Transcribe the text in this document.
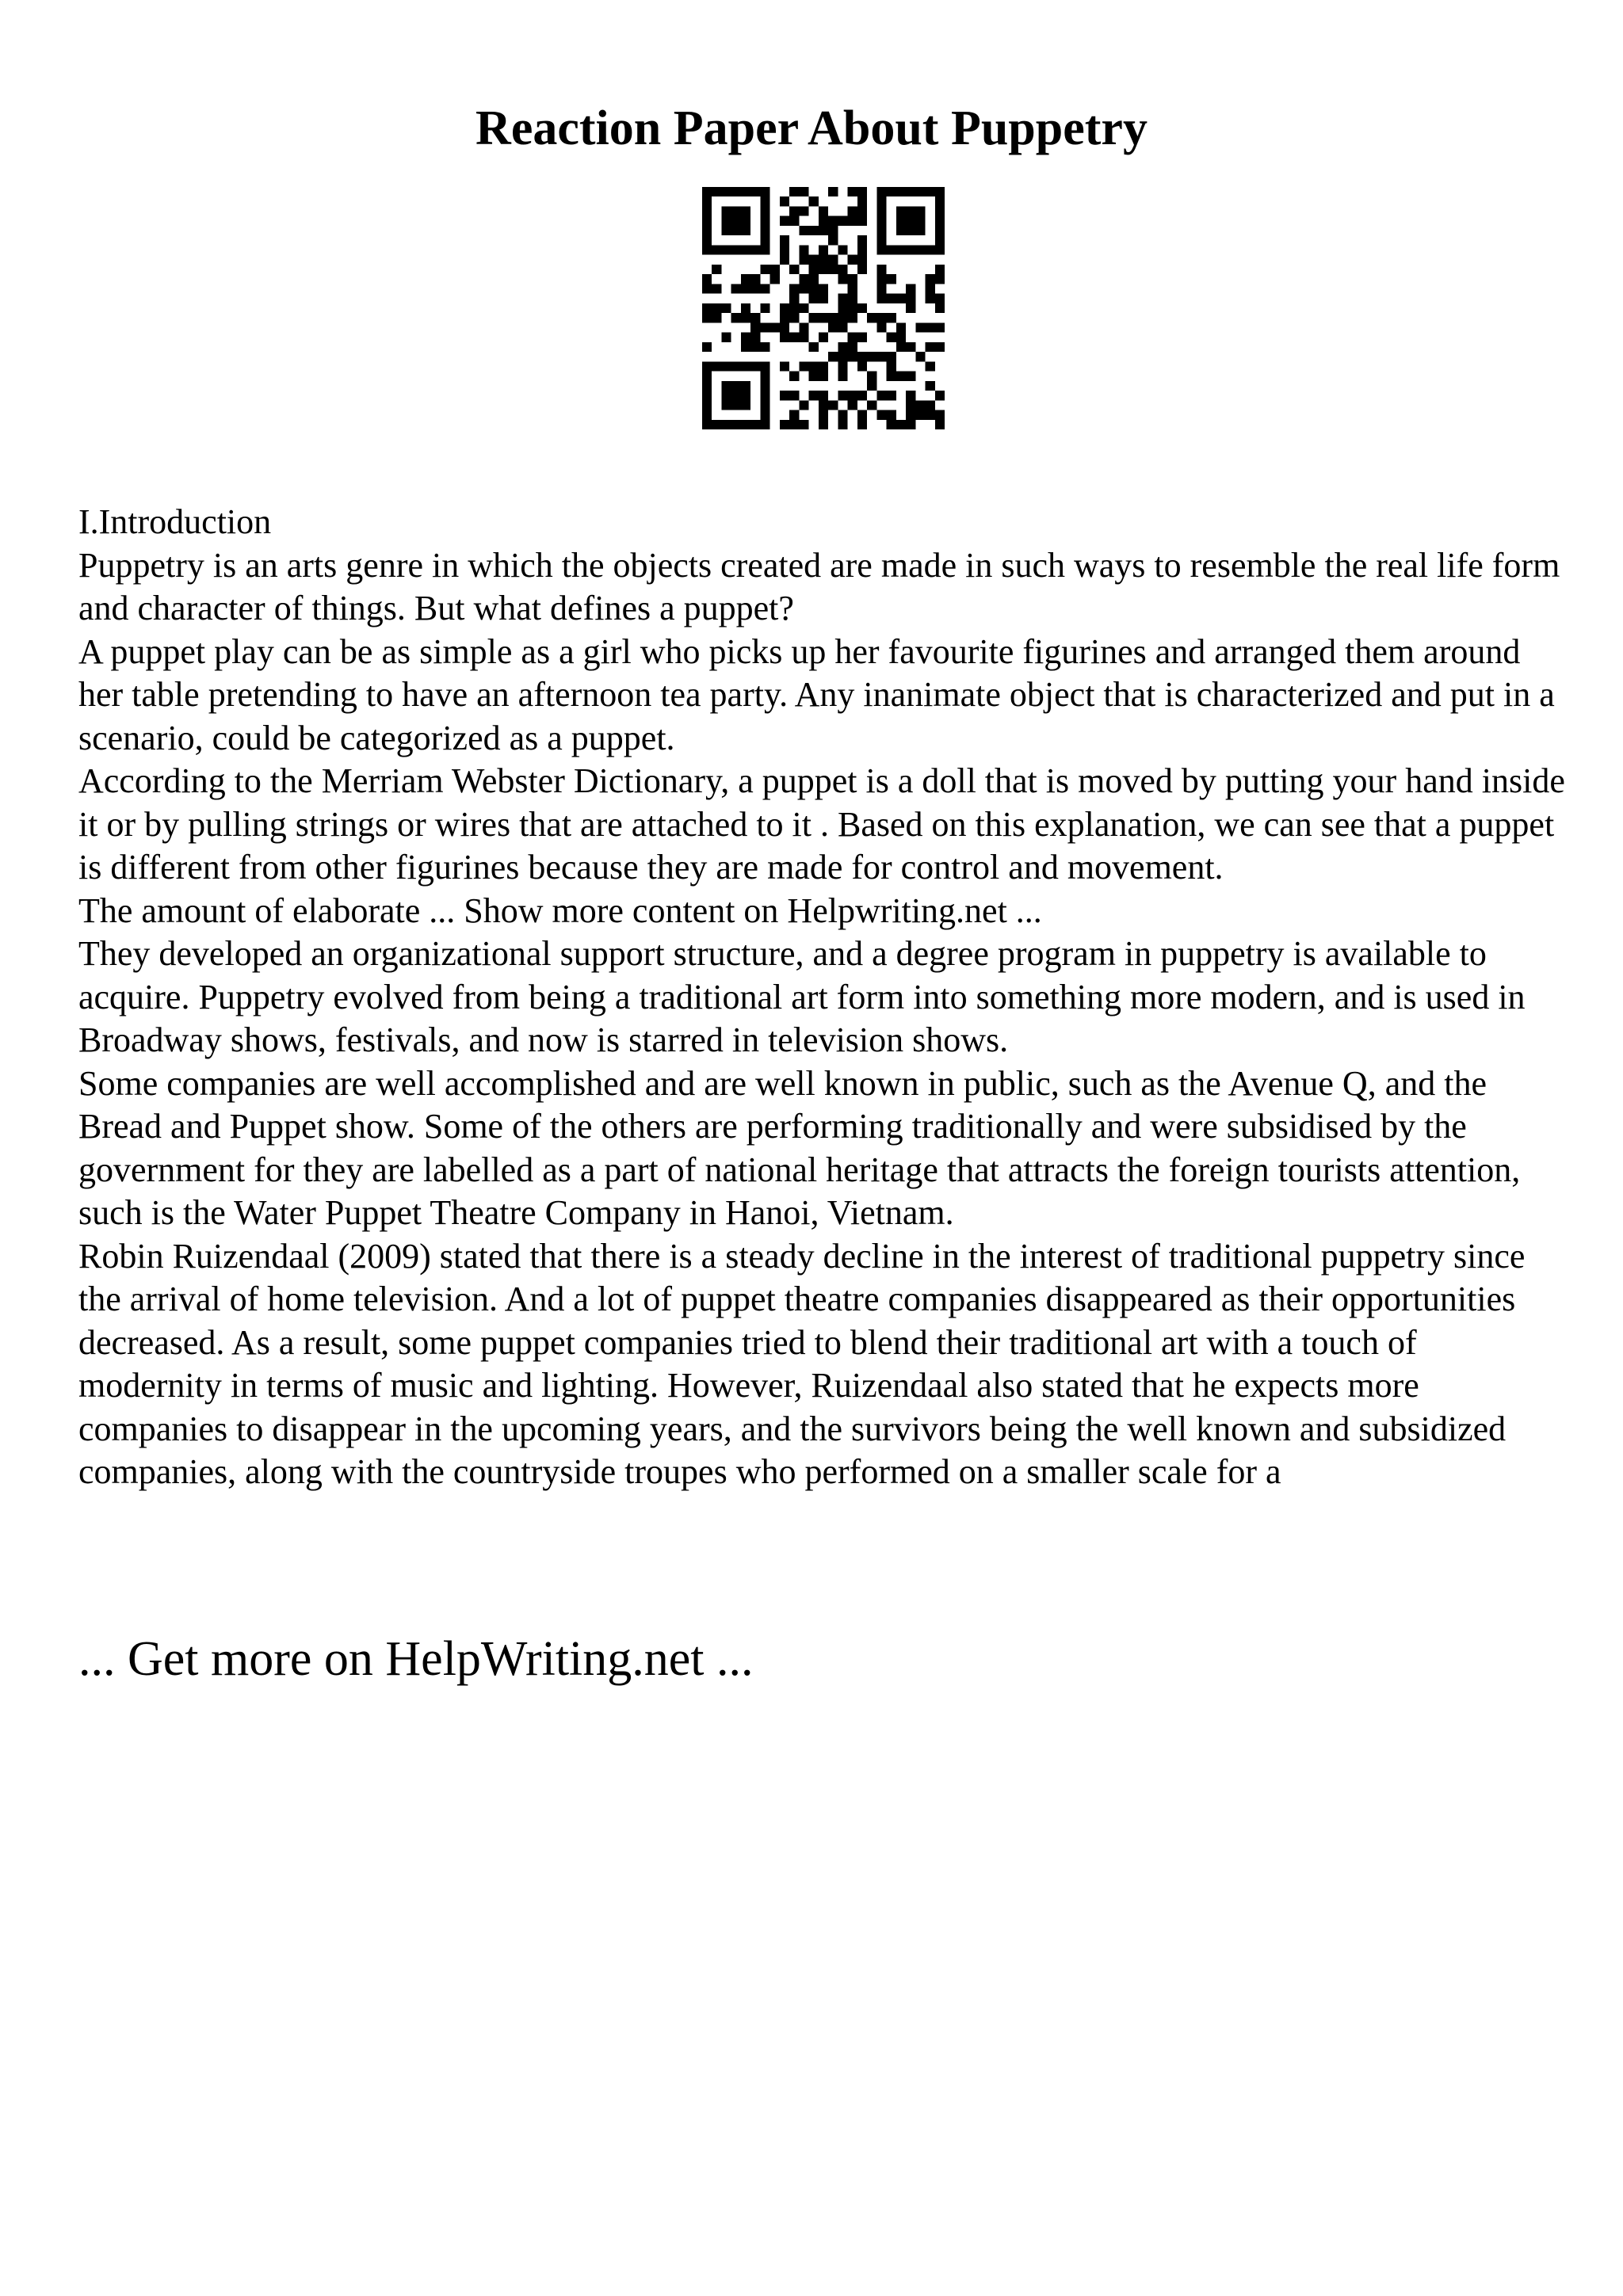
Reaction Paper About Puppetry

I.Introduction

Puppetry is an arts genre in which the objects created are made in such ways to resemble the real life form and character of things. But what defines a puppet?

A puppet play can be as simple as a girl who picks up her favourite figurines and arranged them around her table pretending to have an afternoon tea party. Any inanimate object that is characterized and put in a scenario, could be categorized as a puppet.

According to the Merriam Webster Dictionary, a puppet is a doll that is moved by putting your hand inside it or by pulling strings or wires that are attached to it . Based on this explanation, we can see that a puppet is different from other figurines because they are made for control and movement.

The amount of elaborate ... Show more content on Helpwriting.net ...

They developed an organizational support structure, and a degree program in puppetry is available to acquire. Puppetry evolved from being a traditional art form into something more modern, and is used in Broadway shows, festivals, and now is starred in television shows.

Some companies are well accomplished and are well known in public, such as the Avenue Q, and the Bread and Puppet show. Some of the others are performing traditionally and were subsidised by the government for they are labelled as a part of national heritage that attracts the foreign tourists attention, such is the Water Puppet Theatre Company in Hanoi, Vietnam.

Robin Ruizendaal (2009) stated that there is a steady decline in the interest of traditional puppetry since the arrival of home television. And a lot of puppet theatre companies disappeared as their opportunities decreased. As a result, some puppet companies tried to blend their traditional art with a touch of modernity in terms of music and lighting. However, Ruizendaal also stated that he expects more companies to disappear in the upcoming years, and the survivors being the well known and subsidized companies, along with the countryside troupes who performed on a smaller scale for a

... Get more on HelpWriting.net ...
